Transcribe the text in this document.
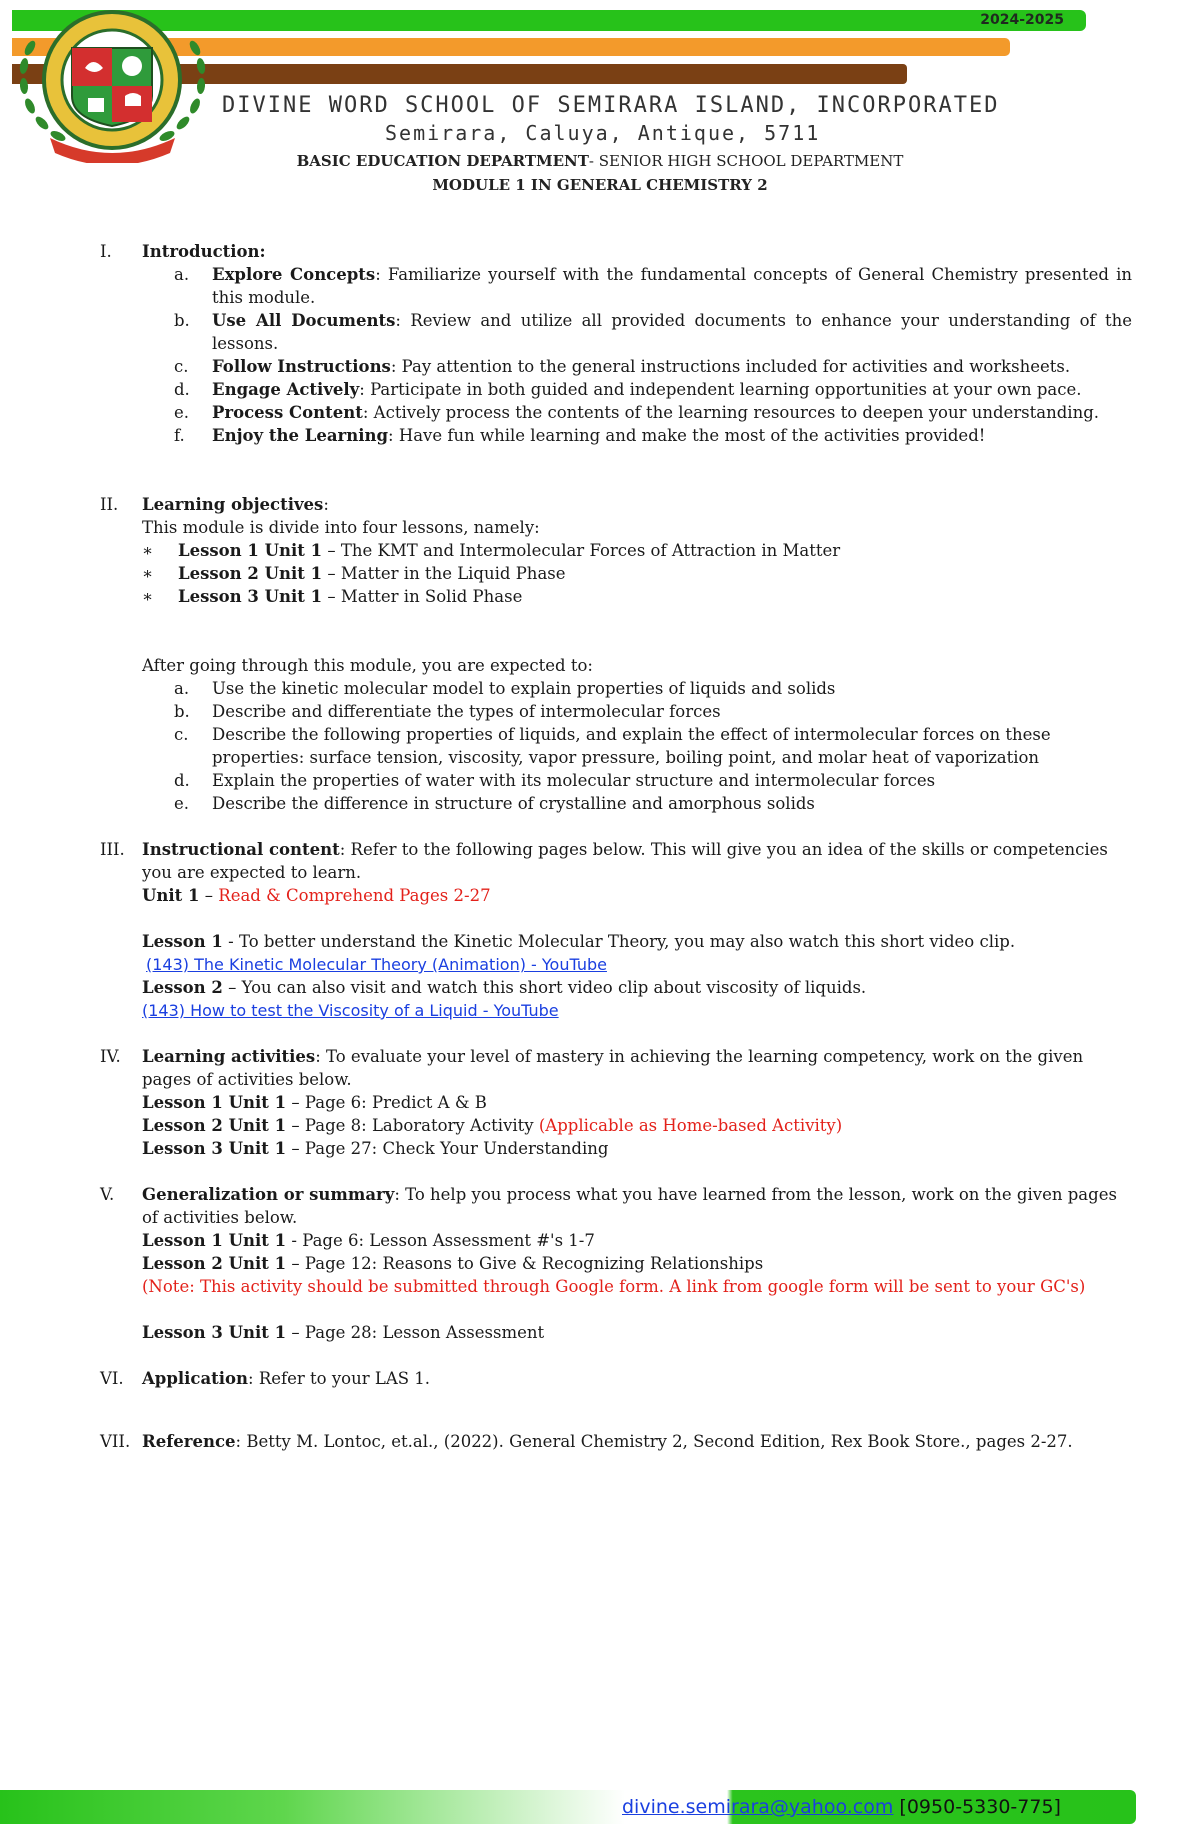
2024-2025
DIVINE WORD SCHOOL OF SEMIRARA ISLAND, INCORPORATED
Semirara, Caluya, Antique, 5711
BASIC EDUCATION DEPARTMENT- SENIOR HIGH SCHOOL DEPARTMENT
MODULE 1 IN GENERAL CHEMISTRY 2
I.	Introduction:
a.	Explore Concepts: Familiarize yourself with the fundamental concepts of General Chemistry presented in this module.
b.	Use All Documents: Review and utilize all provided documents to enhance your understanding of the lessons.
c.	Follow Instructions: Pay attention to the general instructions included for activities and worksheets.
d.	Engage Actively: Participate in both guided and independent learning opportunities at your own pace.
e.	Process Content: Actively process the contents of the learning resources to deepen your understanding.
f.	Enjoy the Learning: Have fun while learning and make the most of the activities provided!
II.	Learning objectives:
This module is divide into four lessons, namely:
∗	Lesson 1 Unit 1 – The KMT and Intermolecular Forces of Attraction in Matter
∗	Lesson 2 Unit 1 – Matter in the Liquid Phase
∗	Lesson 3 Unit 1 – Matter in Solid Phase
After going through this module, you are expected to:
a.	Use the kinetic molecular model to explain properties of liquids and solids
b.	Describe and differentiate the types of intermolecular forces
c.	Describe the following properties of liquids, and explain the effect of intermolecular forces on these properties: surface tension, viscosity, vapor pressure, boiling point, and molar heat of vaporization
d.	Explain the properties of water with its molecular structure and intermolecular forces
e.	Describe the difference in structure of crystalline and amorphous solids
III.	Instructional content: Refer to the following pages below. This will give you an idea of the skills or competencies you are expected to learn.
Unit 1 – Read & Comprehend Pages 2-27
Lesson 1 - To better understand the Kinetic Molecular Theory, you may also watch this short video clip.
(143) The Kinetic Molecular Theory (Animation) - YouTube
Lesson 2 – You can also visit and watch this short video clip about viscosity of liquids.
(143) How to test the Viscosity of a Liquid - YouTube
IV.	Learning activities: To evaluate your level of mastery in achieving the learning competency, work on the given pages of activities below.
Lesson 1 Unit 1 – Page 6: Predict A & B
Lesson 2 Unit 1 – Page 8: Laboratory Activity (Applicable as Home-based Activity)
Lesson 3 Unit 1 – Page 27: Check Your Understanding
V.	Generalization or summary: To help you process what you have learned from the lesson, work on the given pages of activities below.
Lesson 1 Unit 1 - Page 6: Lesson Assessment #'s 1-7
Lesson 2 Unit 1 – Page 12: Reasons to Give & Recognizing Relationships
(Note: This activity should be submitted through Google form. A link from google form will be sent to your GC's)
Lesson 3 Unit 1 – Page 28: Lesson Assessment
VI.	Application: Refer to your LAS 1.
VII. Reference: Betty M. Lontoc, et.al., (2022). General Chemistry 2, Second Edition, Rex Book Store., pages 2-27.
divine.semirara@yahoo.com [0950-5330-775]
